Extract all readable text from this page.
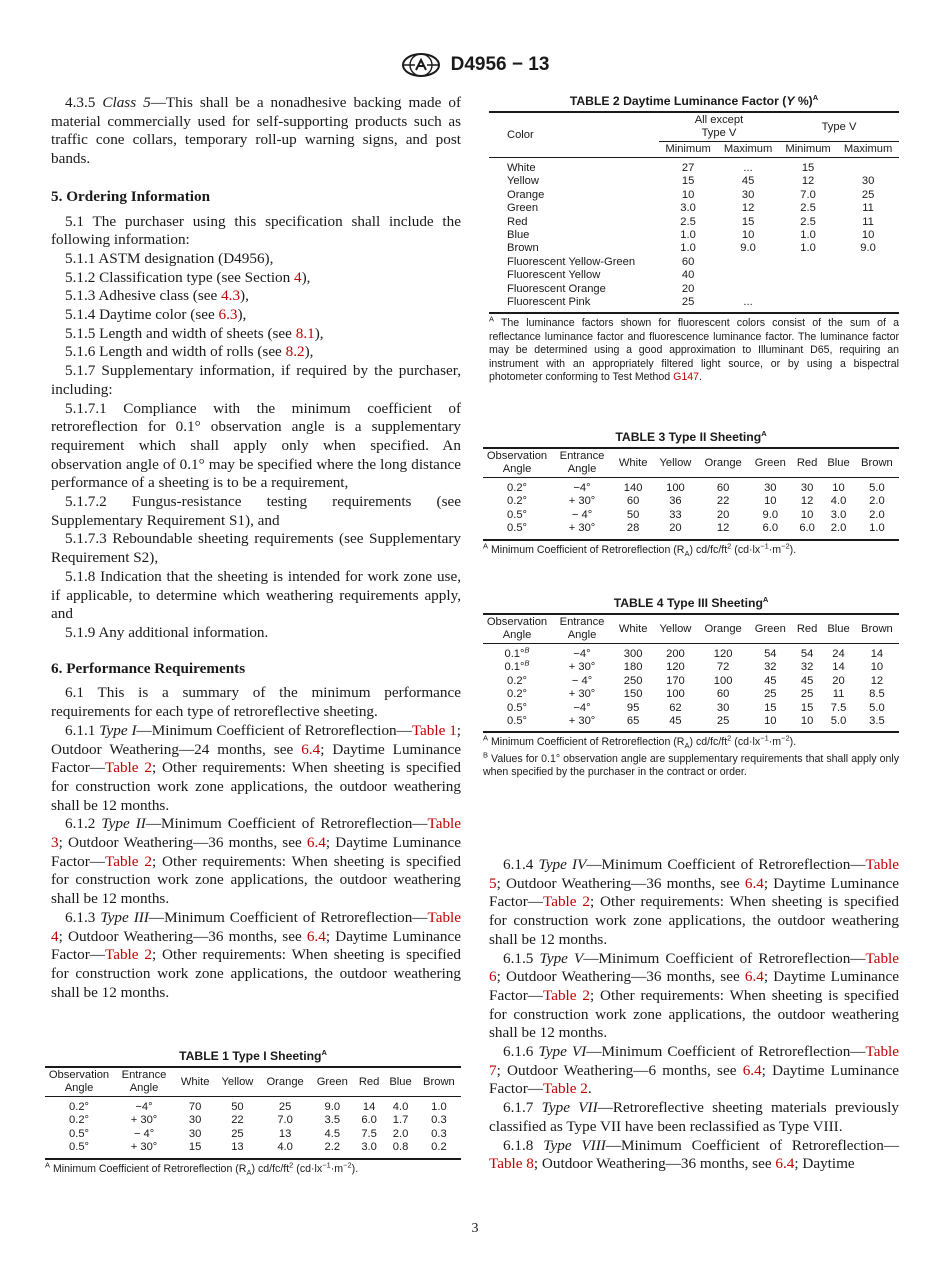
D4956 − 13

4.3.5 Class 5—This shall be a nonadhesive backing made of material commercially used for self-supporting products such as traffic cone collars, temporary roll-up warning signs, and post bands.

5. Ordering Information

5.1 The purchaser using this specification shall include the following information:

5.1.1 ASTM designation (D4956),

5.1.2 Classification type (see Section 4),

5.1.3 Adhesive class (see 4.3),

5.1.4 Daytime color (see 6.3),

5.1.5 Length and width of sheets (see 8.1),

5.1.6 Length and width of rolls (see 8.2),

5.1.7 Supplementary information, if required by the purchaser, including:

5.1.7.1 Compliance with the minimum coefficient of retroreflection for 0.1° observation angle is a supplementary requirement which shall apply only when specified. An observation angle of 0.1° may be specified where the long distance performance of a sheeting is to be a requirement,

5.1.7.2 Fungus-resistance testing requirements (see Supplementary Requirement S1), and

5.1.7.3 Reboundable sheeting requirements (see Supplementary Requirement S2),

5.1.8 Indication that the sheeting is intended for work zone use, if applicable, to determine which weathering requirements apply, and

5.1.9 Any additional information.

6. Performance Requirements

6.1 This is a summary of the minimum performance requirements for each type of retroreflective sheeting.

6.1.1 Type I—Minimum Coefficient of Retroreflection—Table 1; Outdoor Weathering—24 months, see 6.4; Daytime Luminance Factor—Table 2; Other requirements: When sheeting is specified for construction work zone applications, the outdoor weathering shall be 12 months.

6.1.2 Type II—Minimum Coefficient of Retroreflection—Table 3; Outdoor Weathering—36 months, see 6.4; Daytime Luminance Factor—Table 2; Other requirements: When sheeting is specified for construction work zone applications, the outdoor weathering shall be 12 months.

6.1.3 Type III—Minimum Coefficient of Retroreflection—Table 4; Outdoor Weathering—36 months, see 6.4; Daytime Luminance Factor—Table 2; Other requirements: When sheeting is specified for construction work zone applications, the outdoor weathering shall be 12 months.

TABLE 1 Type I Sheeting$^A$
Observation Angle	Entrance Angle	White	Yellow	Orange	Green	Red	Blue	Brown
0.2°	−4°	70	50	25	9.0	14	4.0	1.0
0.2°	+ 30°	30	22	7.0	3.5	6.0	1.7	0.3
0.5°	− 4°	30	25	13	4.5	7.5	2.0	0.3
0.5°	+ 30°	15	13	4.0	2.2	3.0	0.8	0.2
$^A$ Minimum Coefficient of Retroreflection $(R_A)$ $cd/fc/ft^2$ $(cd\cdot lx^{-1}\cdot m^{-2})$.
TABLE 2 Daytime Luminance Factor (Y %)$^A$
Color	All except Type V		Type V	
	Minimum	Maximum	Minimum	Maximum
White	27	...	15	
Yellow	15	45	12	30
Orange	10	30	7.0	25
Green	3.0	12	2.5	11
Red	2.5	15	2.5	11
Blue	1.0	10	1.0	10
Brown	1.0	9.0	1.0	9.0
Fluorescent Yellow-Green	60			
Fluorescent Yellow	40			
Fluorescent Orange	20			
Fluorescent Pink	25	...		
$^A$ The luminance factors shown for fluorescent colors consist of the sum of a reflectance luminance factor and fluorescence luminance factor. The luminance factor may be determined using a good approximation to Illuminant D65, requiring an instrument with an appropriately filtered light source, or by using a bispectral photometer conforming to Test Method G147.
TABLE 3 Type II Sheeting$^A$
Observation Angle	Entrance Angle	White	Yellow	Orange	Green	Red	Blue	Brown
0.2°	−4°	140	100	60	30	30	10	5.0
0.2°	+ 30°	60	36	22	10	12	4.0	2.0
0.5°	− 4°	50	33	20	9.0	10	3.0	2.0
0.5°	+ 30°	28	20	12	6.0	6.0	2.0	1.0
$^A$ Minimum Coefficient of Retroreflection $(R_A)$ $cd/fc/ft^2$ $(cd\cdot lx^{-1}\cdot m^{-2})$.
TABLE 4 Type III Sheeting$^A$
Observation Angle	Entrance Angle	White	Yellow	Orange	Green	Red	Blue	Brown
0.1°$^B$	−4°	300	200	120	54	54	24	14
0.1°$^B$	+ 30°	180	120	72	32	32	14	10
0.2°	− 4°	250	170	100	45	45	20	12
0.2°	+ 30°	150	100	60	25	25	11	8.5
0.5°	−4°	95	62	30	15	15	7.5	5.0
0.5°	+ 30°	65	45	25	10	10	5.0	3.5
$^A$ Minimum Coefficient of Retroreflection $(R_A)$ $cd/fc/ft^2$ $(cd\cdot lx^{-1}\cdot m^{-2})$.
$^B$ Values for 0.1° observation angle are supplementary requirements that shall apply only when specified by the purchaser in the contract or order.

6.1.4 Type IV—Minimum Coefficient of Retroreflection—Table 5; Outdoor Weathering—36 months, see 6.4; Daytime Luminance Factor—Table 2; Other requirements: When sheeting is specified for construction work zone applications, the outdoor weathering shall be 12 months.

6.1.5 Type V—Minimum Coefficient of Retroreflection—Table 6; Outdoor Weathering—36 months, see 6.4; Daytime Luminance Factor—Table 2; Other requirements: When sheeting is specified for construction work zone applications, the outdoor weathering shall be 12 months.

6.1.6 Type VI—Minimum Coefficient of Retroreflection—Table 7; Outdoor Weathering—6 months, see 6.4; Daytime Luminance Factor—Table 2.

6.1.7 Type VII—Retroreflective sheeting materials previously classified as Type VII have been reclassified as Type VIII.

6.1.8 Type VIII—Minimum Coefficient of Retroreflection—Table 8; Outdoor Weathering—36 months, see 6.4; Daytime

3
